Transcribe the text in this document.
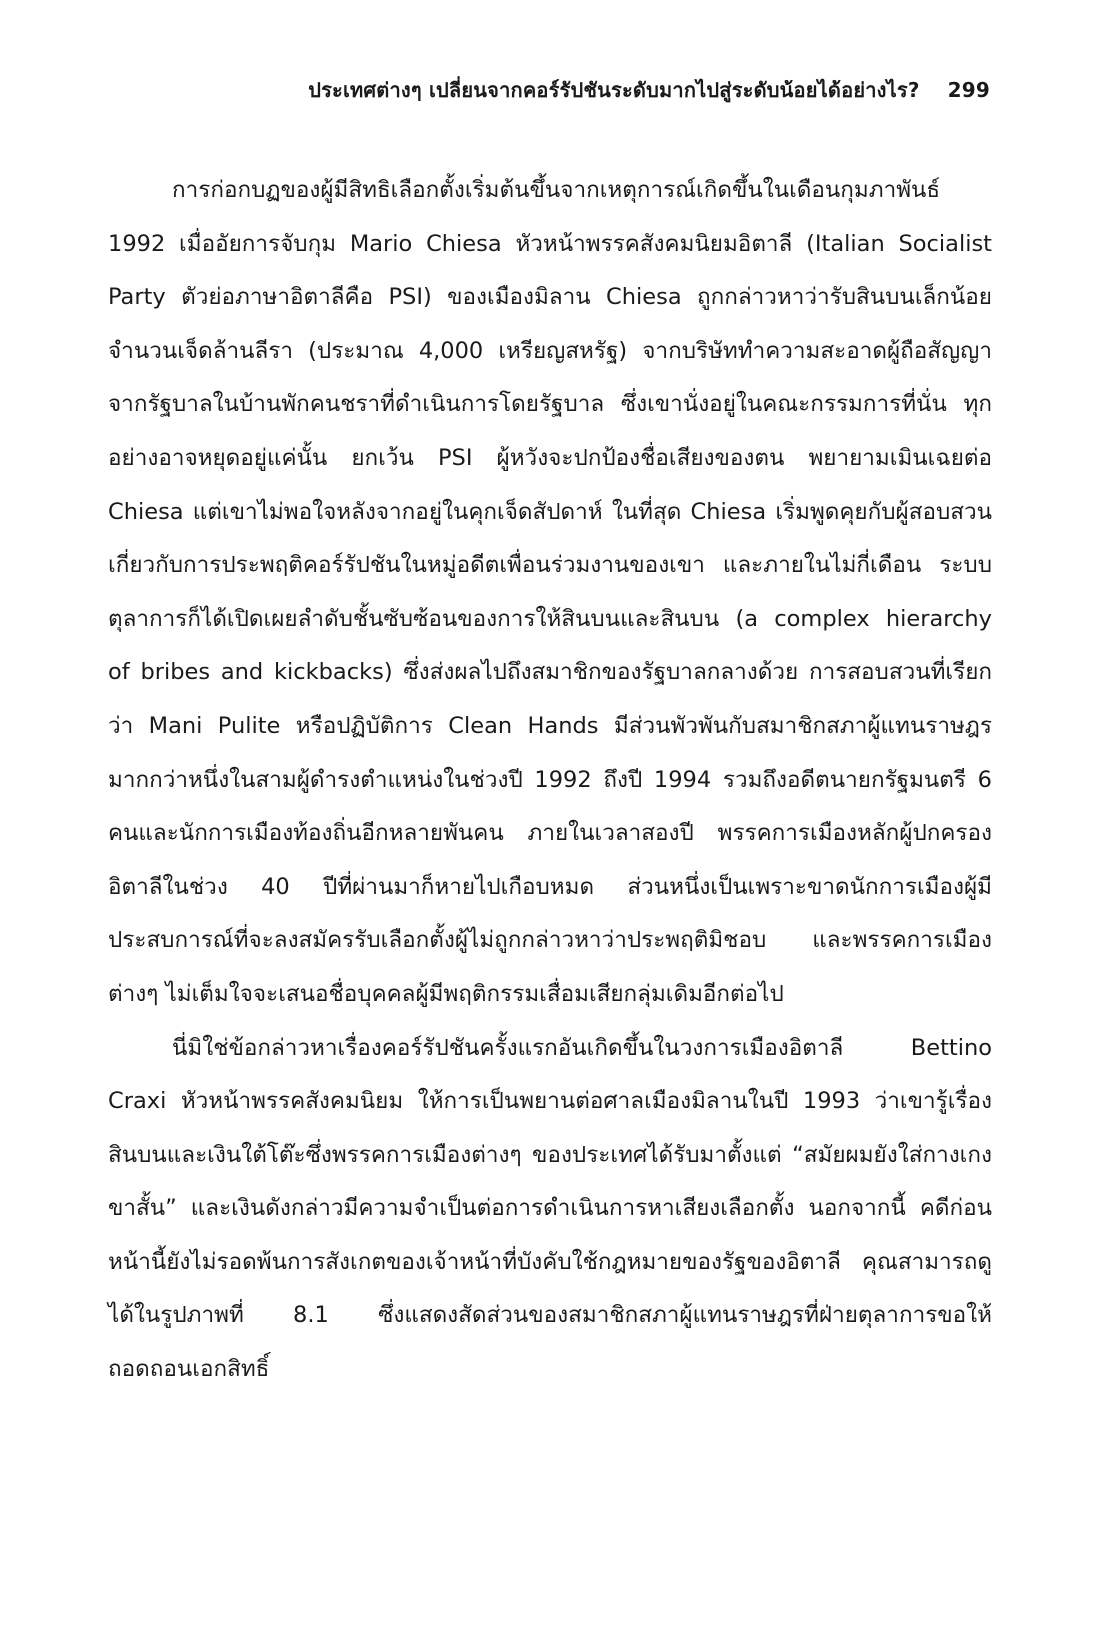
ประเทศต่างๆ เปลี่ยนจากคอร์รัปชันระดับมากไปสู่ระดับน้อยได้อย่างไร? 299

การก่อกบฏของผู้มีสิทธิเลือกตั้งเริ่มต้นขึ้นจากเหตุการณ์เกิดขึ้นในเดือนกุมภาพันธ์ 1992 เมื่ออัยการจับกุม Mario Chiesa หัวหน้าพรรคสังคมนิยมอิตาลี (Italian Socialist Party ตัวย่อภาษาอิตาลีคือ PSI) ของเมืองมิลาน Chiesa ถูกกล่าวหาว่ารับสินบนเล็กน้อยจำนวนเจ็ดล้านลีรา (ประมาณ 4,000 เหรียญสหรัฐ) จากบริษัททำความสะอาดผู้ถือสัญญาจากรัฐบาลในบ้านพักคนชราที่ดำเนินการโดยรัฐบาล ซึ่งเขานั่งอยู่ในคณะกรรมการที่นั่น ทุกอย่างอาจหยุดอยู่แค่นั้น ยกเว้น PSI ผู้หวังจะปกป้องชื่อเสียงของตน พยายามเมินเฉยต่อ Chiesa แต่เขาไม่พอใจหลังจากอยู่ในคุกเจ็ดสัปดาห์ ในที่สุด Chiesa เริ่มพูดคุยกับผู้สอบสวนเกี่ยวกับการประพฤติคอร์รัปชันในหมู่อดีตเพื่อนร่วมงานของเขา และภายในไม่กี่เดือน ระบบตุลาการก็ได้เปิดเผยลำดับชั้นซับซ้อนของการให้สินบนและสินบน (a complex hierarchy of bribes and kickbacks) ซึ่งส่งผลไปถึงสมาชิกของรัฐบาลกลางด้วย การสอบสวนที่เรียกว่า Mani Pulite หรือปฏิบัติการ Clean Hands มีส่วนพัวพันกับสมาชิกสภาผู้แทนราษฎรมากกว่าหนึ่งในสามผู้ดำรงตำแหน่งในช่วงปี 1992 ถึงปี 1994 รวมถึงอดีตนายกรัฐมนตรี 6 คนและนักการเมืองท้องถิ่นอีกหลายพันคน ภายในเวลาสองปี พรรคการเมืองหลักผู้ปกครองอิตาลีในช่วง 40 ปีที่ผ่านมาก็หายไปเกือบหมด ส่วนหนึ่งเป็นเพราะขาดนักการเมืองผู้มีประสบการณ์ที่จะลงสมัครรับเลือกตั้งผู้ไม่ถูกกล่าวหาว่าประพฤติมิชอบ และพรรคการเมืองต่างๆ ไม่เต็มใจจะเสนอชื่อบุคคลผู้มีพฤติกรรมเสื่อมเสียกลุ่มเดิมอีกต่อไป

นี่มิใช่ข้อกล่าวหาเรื่องคอร์รัปชันครั้งแรกอันเกิดขึ้นในวงการเมืองอิตาลี Bettino Craxi หัวหน้าพรรคสังคมนิยม ให้การเป็นพยานต่อศาลเมืองมิลานในปี 1993 ว่าเขารู้เรื่องสินบนและเงินใต้โต๊ะซึ่งพรรคการเมืองต่างๆ ของประเทศได้รับมาตั้งแต่ “สมัยผมยังใส่กางเกงขาสั้น” และเงินดังกล่าวมีความจำเป็นต่อการดำเนินการหาเสียงเลือกตั้ง นอกจากนี้ คดีก่อนหน้านี้ยังไม่รอดพ้นการสังเกตของเจ้าหน้าที่บังคับใช้กฎหมายของรัฐของอิตาลี คุณสามารถดูได้ในรูปภาพที่ 8.1 ซึ่งแสดงสัดส่วนของสมาชิกสภาผู้แทนราษฎรที่ฝ่ายตุลาการขอให้ถอดถอนเอกสิทธิ์
